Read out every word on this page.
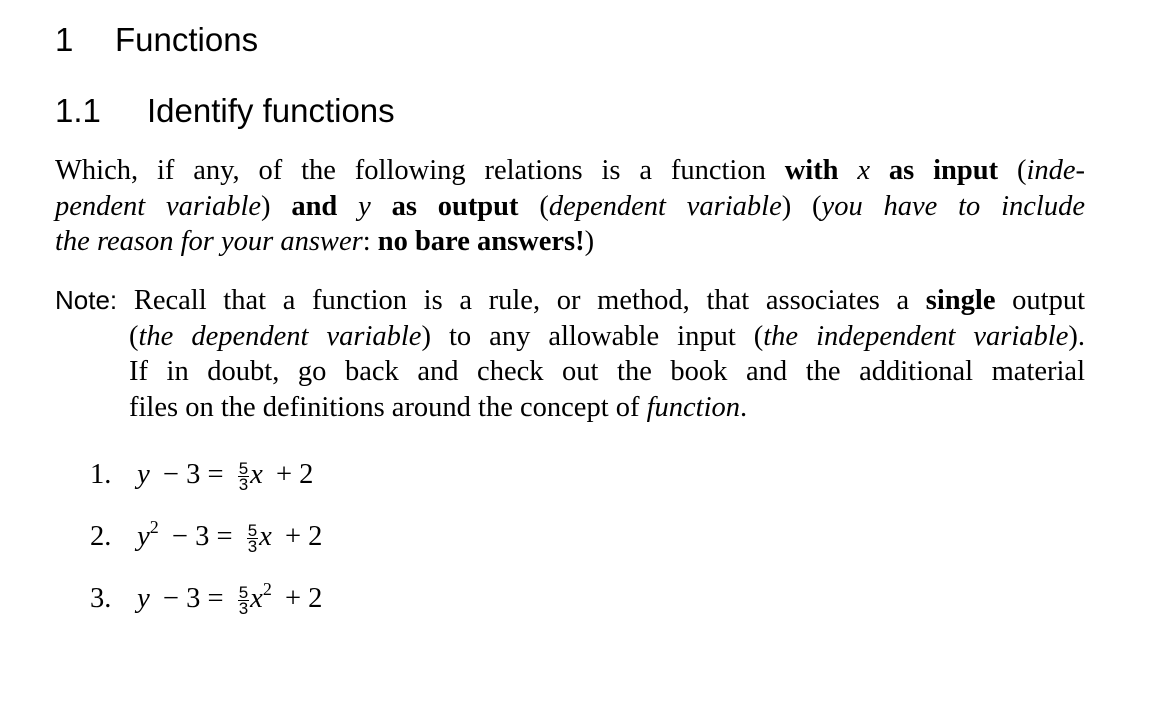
1 Functions
1.1 Identify functions
Which, if any, of the following relations is a function with x as input (inde-
pendent variable) and y as output (dependent variable) (you have to include
the reason for your answer: no bare answers!)
Note: Recall that a function is a rule, or method, that associates a single output
(the dependent variable) to any allowable input (the independent variable).
If in doubt, go back and check out the book and the additional material
files on the definitions around the concept of function.
1. $y - 3 = \frac{5}{3}$ x + 2
2. $y^2 - 3 = \frac{5}{3}$ x + 2
3. $y - 3 = \frac{5}{3} x^2 + 2$
